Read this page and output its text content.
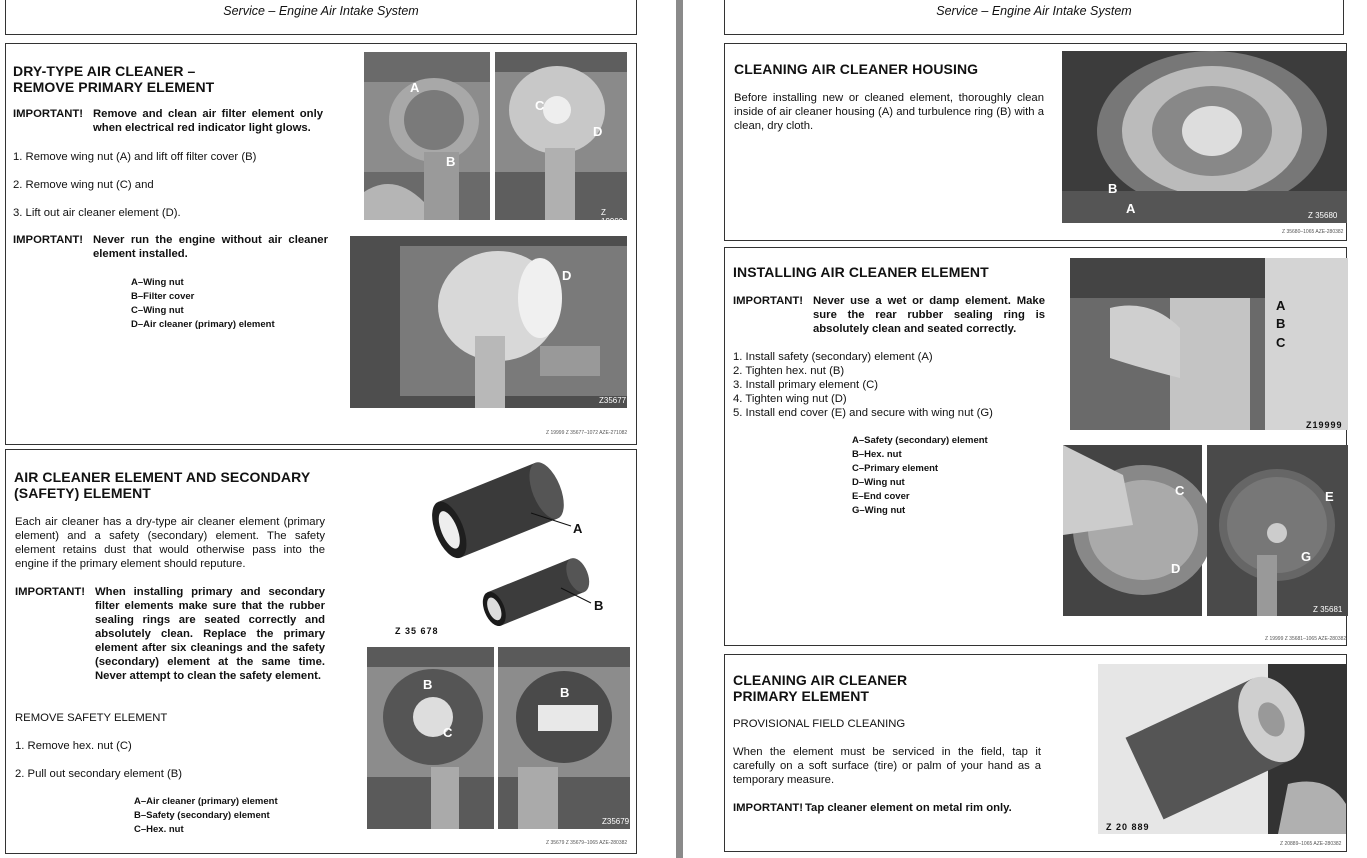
Service – Engine Air Intake System
DRY-TYPE AIR CLEANER –
REMOVE PRIMARY ELEMENT
IMPORTANT! Remove and clean air filter element only when electrical red indicator light glows.
1. Remove wing nut (A) and lift off filter cover (B)
2. Remove wing nut (C) and
3. Lift out air cleaner element (D).
IMPORTANT! Never run the engine without air cleaner element installed.
A–Wing nut
B–Filter cover
C–Wing nut
D–Air cleaner (primary) element
A
B
C
D
Z 19999
D
Z35677
Z 19999 Z 35677–1072 AZE-271082
AIR CLEANER ELEMENT AND SECONDARY
(SAFETY) ELEMENT
Each air cleaner has a dry-type air cleaner element (primary element) and a safety (secondary) element. The safety element retains dust that would otherwise pass into the engine if the primary element should reputure.
IMPORTANT! When installing primary and secondary filter elements make sure that the rubber sealing rings are seated correctly and absolutely clean. Replace the primary element after six cleanings and the safety (secondary) element at the same time. Never attempt to clean the safety element.
REMOVE SAFETY ELEMENT
1. Remove hex. nut (C)
2. Pull out secondary element (B)
A–Air cleaner (primary) element
B–Safety (secondary) element
C–Hex. nut
A
B
Z 35 678
B
C
B
Z35679
Z 35679 Z 35679–1065 AZE-280382
Service – Engine Air Intake System
CLEANING AIR CLEANER HOUSING
Before installing new or cleaned element, thoroughly clean inside of air cleaner housing (A) and turbulence ring (B) with a clean, dry cloth.
B
A	Z 35680
Z 35680–1065 AZE-280382
INSTALLING AIR CLEANER ELEMENT
IMPORTANT! Never use a wet or damp element. Make sure the rear rubber sealing ring is absolutely clean and seated correctly.
1. Install safety (secondary) element (A)
2. Tighten hex. nut (B)
3. Install primary element (C)
4. Tighten wing nut (D)
5. Install end cover (E) and secure with wing nut (G)
A–Safety (secondary) element
B–Hex. nut
C–Primary element
D–Wing nut
E–End cover
G–Wing nut
A
B
C
Z19999
C
D
E
G
Z 35681
Z 19999 Z 35681–1065 AZE-280382
CLEANING AIR CLEANER
PRIMARY ELEMENT
PROVISIONAL FIELD CLEANING
When the element must be serviced in the field, tap it carefully on a soft surface (tire) or palm of your hand as a temporary measure.
IMPORTANT! Tap cleaner element on metal rim only.
Z 20 889
Z 20889–1065 AZE-280382
